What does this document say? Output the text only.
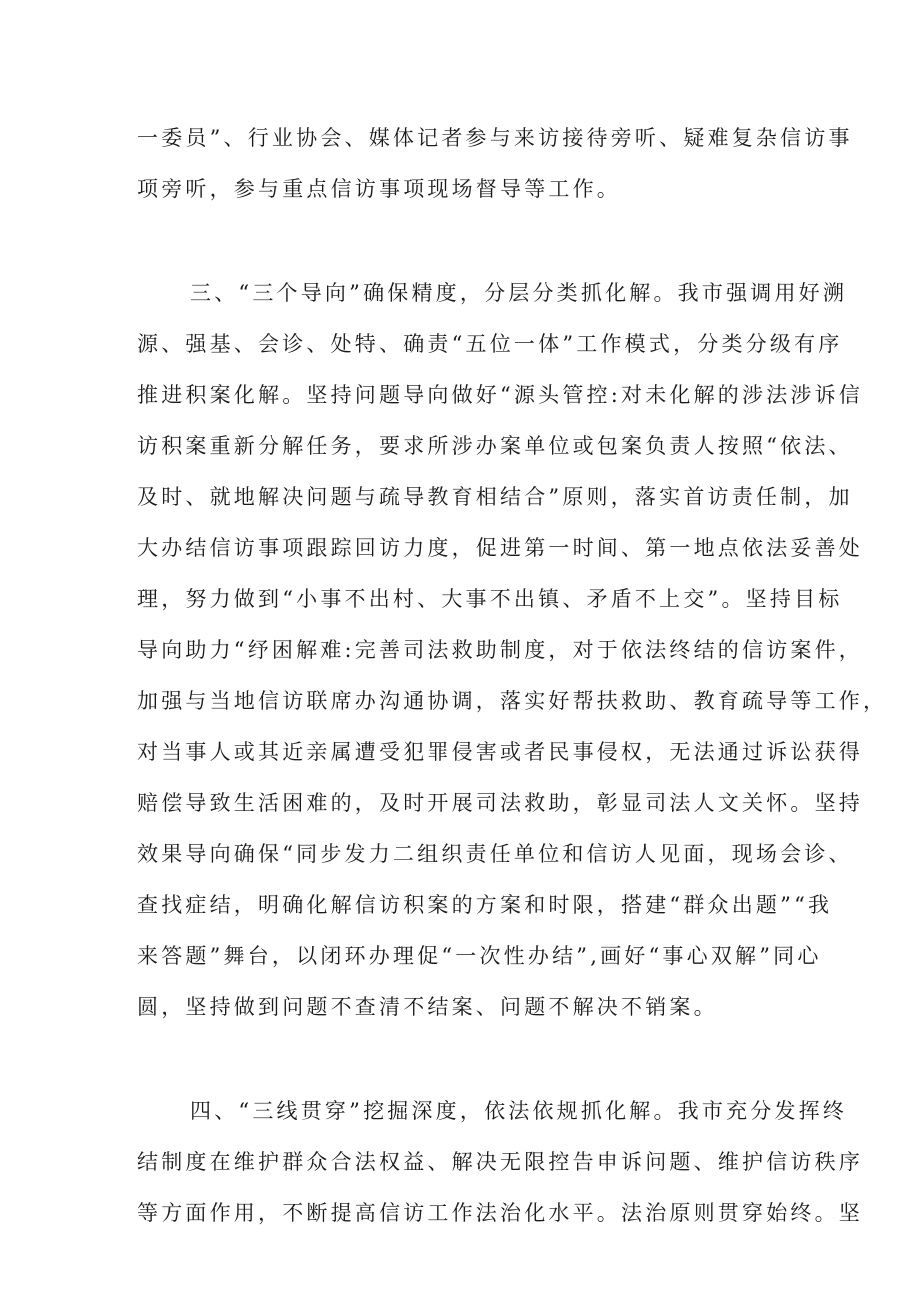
一委员”、行业协会、媒体记者参与来访接待旁听、疑难复杂信访事
项旁听，参与重点信访事项现场督导等工作。
三、“三个导向”确保精度，分层分类抓化解。我市强调用好溯
源、强基、会诊、处特、确责“五位一体”工作模式，分类分级有序
推进积案化解。坚持问题导向做好“源头管控:对未化解的涉法涉诉信
访积案重新分解任务，要求所涉办案单位或包案负责人按照“依法、
及时、就地解决问题与疏导教育相结合”原则，落实首访责任制，加
大办结信访事项跟踪回访力度，促进第一时间、第一地点依法妥善处
理，努力做到“小事不出村、大事不出镇、矛盾不上交”。坚持目标
导向助力“纾困解难:完善司法救助制度，对于依法终结的信访案件，
加强与当地信访联席办沟通协调，落实好帮扶救助、教育疏导等工作，
对当事人或其近亲属遭受犯罪侵害或者民事侵权，无法通过诉讼获得
赔偿导致生活困难的，及时开展司法救助，彰显司法人文关怀。坚持
效果导向确保“同步发力二组织责任单位和信访人见面，现场会诊、
查找症结，明确化解信访积案的方案和时限，搭建“群众出题”“我
来答题”舞台，以闭环办理促“一次性办结”,画好“事心双解”同心
圆，坚持做到问题不查清不结案、问题不解决不销案。
四、“三线贯穿”挖掘深度，依法依规抓化解。我市充分发挥终
结制度在维护群众合法权益、解决无限控告申诉问题、维护信访秩序
等方面作用，不断提高信访工作法治化水平。法治原则贯穿始终。坚
